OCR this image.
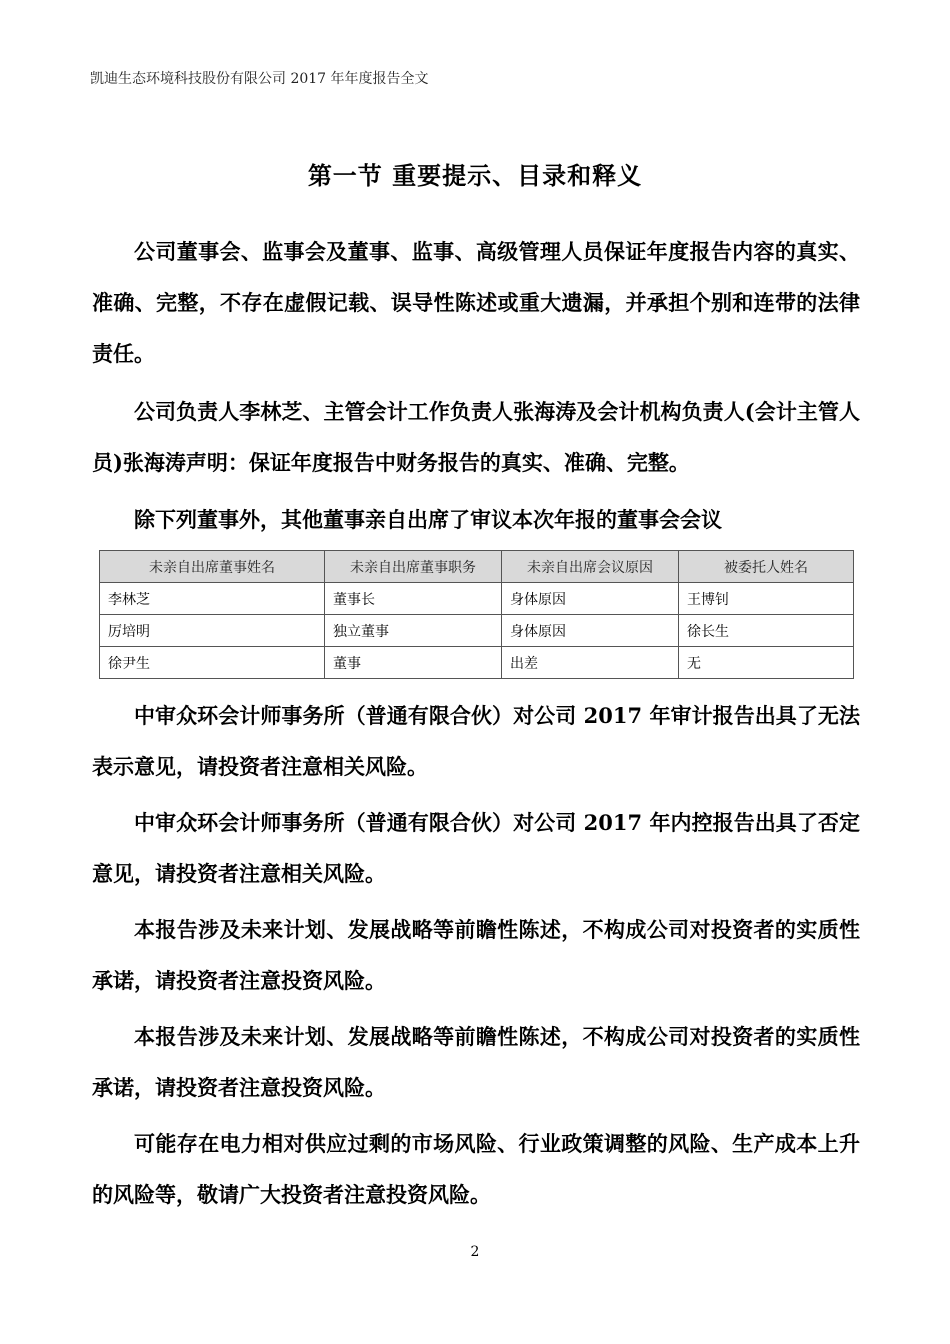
凯迪生态环境科技股份有限公司 2017 年年度报告全文
第一节 重要提示、目录和释义

公司董事会、监事会及董事、监事、高级管理人员保证年度报告内容的真实、准确、完整，不存在虚假记载、误导性陈述或重大遗漏，并承担个别和连带的法律责任。

公司负责人李林芝、主管会计工作负责人张海涛及会计机构负责人(会计主管人员)张海涛声明：保证年度报告中财务报告的真实、准确、完整。

除下列董事外，其他董事亲自出席了审议本次年报的董事会会议

未亲自出席董事姓名	未亲自出席董事职务	未亲自出席会议原因	被委托人姓名
李林芝	董事长	身体原因	王博钊
厉培明	独立董事	身体原因	徐长生
徐尹生	董事	出差	无

中审众环会计师事务所（普通有限合伙）对公司 2017 年审计报告出具了无法表示意见，请投资者注意相关风险。

中审众环会计师事务所（普通有限合伙）对公司 2017 年内控报告出具了否定意见，请投资者注意相关风险。

本报告涉及未来计划、发展战略等前瞻性陈述，不构成公司对投资者的实质性承诺，请投资者注意投资风险。

本报告涉及未来计划、发展战略等前瞻性陈述，不构成公司对投资者的实质性承诺，请投资者注意投资风险。

可能存在电力相对供应过剩的市场风险、行业政策调整的风险、生产成本上升的风险等，敬请广大投资者注意投资风险。

2
